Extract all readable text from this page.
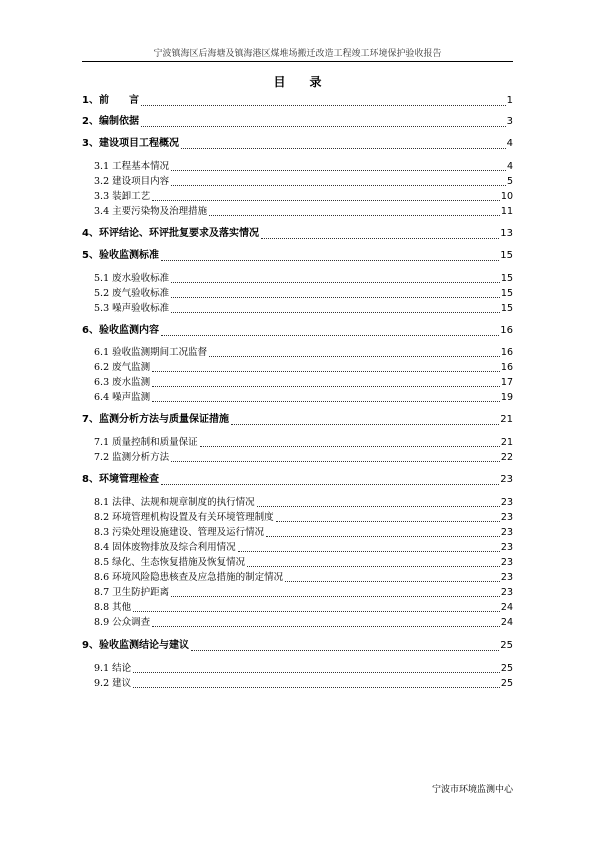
宁波镇海区后海塘及镇海港区煤堆场搬迁改造工程竣工环境保护验收报告
目录
1、前　　言	1
2、编制依据	3
3、建设项目工程概况	4
3.1 工程基本情况	4
3.2 建设项目内容	5
3.3 装卸工艺	10
3.4 主要污染物及治理措施	11
4、环评结论、环评批复要求及落实情况	13
5、验收监测标准	15
5.1 废水验收标准	15
5.2 废气验收标准	15
5.3 噪声验收标准	15
6、验收监测内容	16
6.1 验收监测期间工况监督	16
6.2 废气监测	16
6.3 废水监测	17
6.4 噪声监测	19
7、监测分析方法与质量保证措施	21
7.1 质量控制和质量保证	21
7.2 监测分析方法	22
8、环境管理检查	23
8.1 法律、法规和规章制度的执行情况	23
8.2 环境管理机构设置及有关环境管理制度	23
8.3 污染处理设施建设、管理及运行情况	23
8.4 固体废物排放及综合利用情况	23
8.5 绿化、生态恢复措施及恢复情况	23
8.6 环境风险隐患核查及应急措施的制定情况	23
8.7 卫生防护距离	23
8.8 其他	24
8.9 公众调查	24
9、验收监测结论与建议	25
9.1 结论	25
9.2 建议	25
宁波市环境监测中心
